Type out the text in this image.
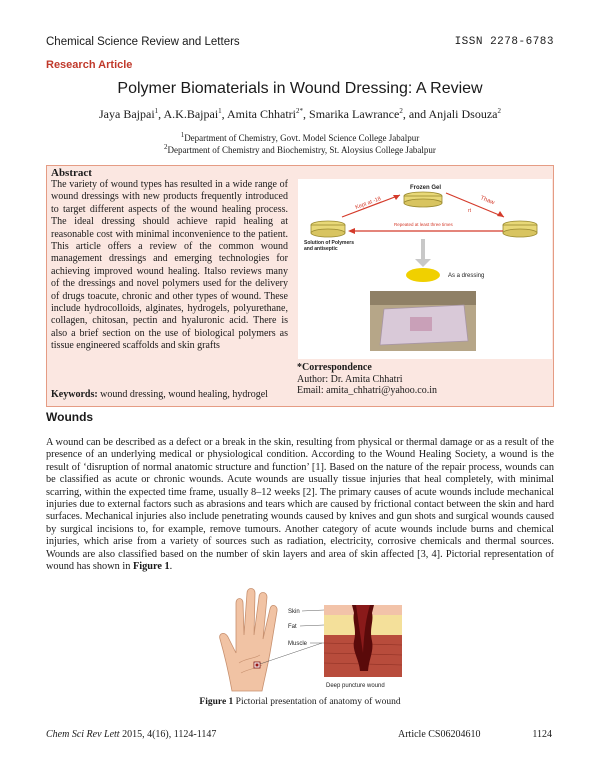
Chemical Science Review and Letters	ISSN 2278-6783
Research Article
Polymer Biomaterials in Wound Dressing: A Review
Jaya Bajpai$^1$, A.K.Bajpai$^1$, Amita Chhatri$^{2*}$, Smarika Lawrance$^2$, and Anjali Dsouza$^2$
$^1$Department of Chemistry, Govt. Model Science College Jabalpur
$^2$Department of Chemistry and Biochemistry, St. Aloysius College Jabalpur
Abstract
The variety of wound types has resulted in a wide range of wound dressings with new products frequently introduced to target different aspects of the wound healing process. The ideal dressing should achieve rapid healing at reasonable cost with minimal inconvenience to the patient. This article offers a review of the common wound management dressings and emerging technologies for achieving improved wound healing. Italso reviews many of the dressings and novel polymers used for the delivery of drugs toacute, chronic and other types of wound. These include hydrocolloids, alginates, hydrogels, polyurethane, collagen, chitosan, pectin and hyaluronic acid. There is also a brief section on the use of biological polymers as tissue engineered scaffolds and skin grafts
Keywords: wound dressing, wound healing, hydrogel
Kept at -18
Frozen Gel
Thaw
rt
Repeated at least three times
Solution of Polymers and antiseptic
As a dressing
*Correspondence
Author: Dr. Amita Chhatri
Email: amita_chhatri@yahoo.co.in
Wounds
A wound can be described as a defect or a break in the skin, resulting from physical or thermal damage or as a result of the presence of an underlying medical or physiological condition. According to the Wound Healing Society, a wound is the result of ‘disruption of normal anatomic structure and function’ [1]. Based on the nature of the repair process, wounds can be classified as acute or chronic wounds. Acute wounds are usually tissue injuries that heal completely, with minimal scarring, within the expected time frame, usually 8–12 weeks [2]. The primary causes of acute wounds include mechanical injuries due to external factors such as abrasions and tears which are caused by frictional contact between the skin and hard surfaces. Mechanical injuries also include penetrating wounds caused by knives and gun shots and surgical wounds caused by surgical incisions to, for example, remove tumours. Another category of acute wounds include burns and chemical injuries, which arise from a variety of sources such as radiation, electricity, corrosive chemicals and thermal sources. Wounds are also classified based on the number of skin layers and area of skin affected [3, 4]. Pictorial representation of wound has shown in Figure 1.
Skin
Fat
Muscle
Deep puncture wound
Figure 1 Pictorial presentation of anatomy of wound
Chem Sci Rev Lett 2015, 4(16), 1124-1147	Article CS06204610	1124
